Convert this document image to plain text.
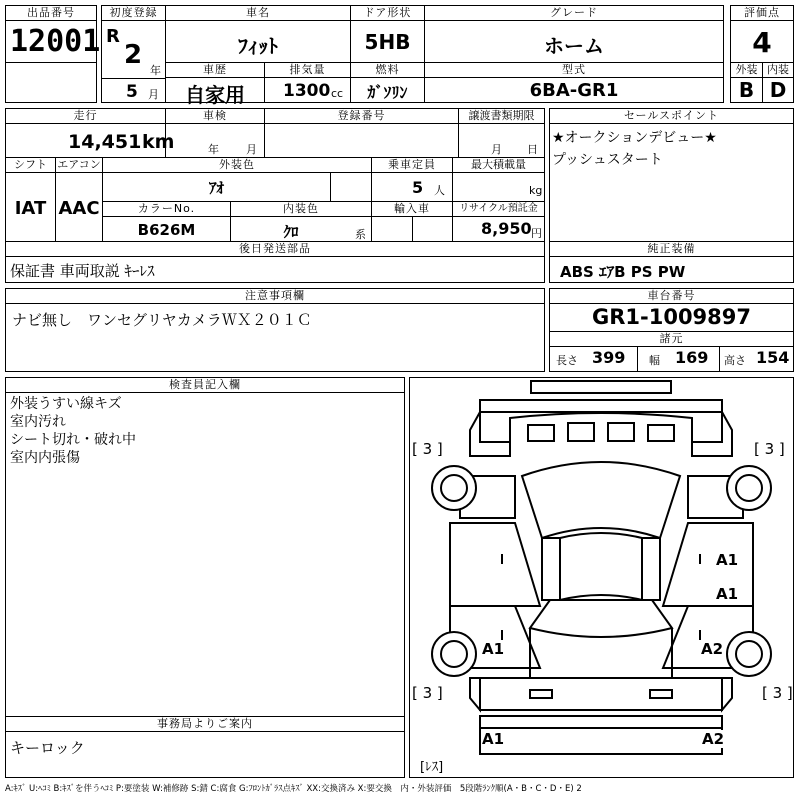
出品番号
12001
初度登録
R
2
年
5 月
車名
ﾌｨｯﾄ
ドア形状
5HB
グレード
ホーム
評価点
4
車歴
自家用
排気量
1300 cc
燃料
ｶﾞｿﾘﾝ
型式
6BA-GR1
外装
B
内装
D
走行
14,451 km
車検
年 月
登録番号	譲渡書類期限
月 日
シフト
IAT
エアコン
AAC
外装色
ｱｵ
乗車定員
5 人
最大積載量
kg
カラーNo.
B626M
内装色
ｸﾛ	系
輸入車	リサイクル預託金
8,950 円
セールスポイント
★オークションデビュー★
プッシュスタート
後日発送部品
保証書 車両取説 ｷｰﾚｽ
純正装備
ABS ｴｱB PS PW
注意事項欄
ナビ無し　ワンセグリヤカメラＷＸ２０１Ｃ
車台番号
GR1-1009897
諸元
長さ 399 幅 169 高さ 154
検査員記入欄
外装うすい線キズ
室内汚れ
シート切れ・破れ中
室内内張傷
事務局よりご案内
キーロック
[ 3 ]	[ 3 ]
[ 3 ]	[ 3 ]
A1
A1
A1	A2
A1	A2
[ﾚｽ]
A:ｷｽﾞ U:ﾍｺﾐ B:ｷｽﾞを伴うﾍｺﾐ P:要塗装 W:補修跡 S:錆 C:腐食 G:ﾌﾛﾝﾄｶﾞﾗｽ点ｷｽﾞ XX:交換済み X:要交換　内・外装評価　5段階ﾗﾝｸ順(A・B・C・D・E) 2
